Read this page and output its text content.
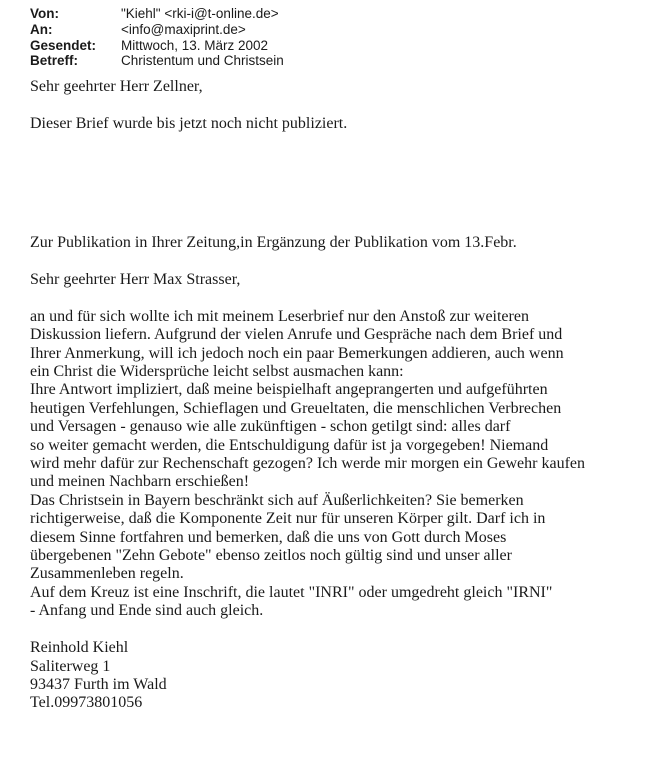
Von:	"Kiehl" <rki-i@t-online.de>
An:	<info@maxiprint.de>
Gesendet:	Mittwoch, 13. März 2002
Betreff:	Christentum und Christsein

Sehr geehrter Herr Zellner,

Dieser Brief wurde bis jetzt noch nicht publiziert.

Zur Publikation in Ihrer Zeitung,in Ergänzung der Publikation vom 13.Febr.

Sehr geehrter Herr Max Strasser,

an und für sich wollte ich mit meinem Leserbrief nur den Anstoß zur weiteren

Diskussion liefern. Aufgrund der vielen Anrufe und Gespräche nach dem Brief und

Ihrer Anmerkung, will ich jedoch noch ein paar Bemerkungen addieren, auch wenn

ein Christ die Widersprüche leicht selbst ausmachen kann:

Ihre Antwort impliziert, daß meine beispielhaft angeprangerten und aufgeführten

heutigen Verfehlungen, Schieflagen und Greueltaten, die menschlichen Verbrechen

und Versagen - genauso wie alle zukünftigen - schon getilgt sind: alles darf

so weiter gemacht werden, die Entschuldigung dafür ist ja vorgegeben! Niemand

wird mehr dafür zur Rechenschaft gezogen? Ich werde mir morgen ein Gewehr kaufen

und meinen Nachbarn erschießen!

Das Christsein in Bayern beschränkt sich auf Äußerlichkeiten? Sie bemerken

richtigerweise, daß die Komponente Zeit nur für unseren Körper gilt. Darf ich in

diesem Sinne fortfahren und bemerken, daß die uns von Gott durch Moses

übergebenen "Zehn Gebote" ebenso zeitlos noch gültig sind und unser aller

Zusammenleben regeln.

Auf dem Kreuz ist eine Inschrift, die lautet "INRI" oder umgedreht gleich "IRNI"

- Anfang und Ende sind auch gleich.

Reinhold Kiehl

Saliterweg 1

93437 Furth im Wald

Tel.09973801056
